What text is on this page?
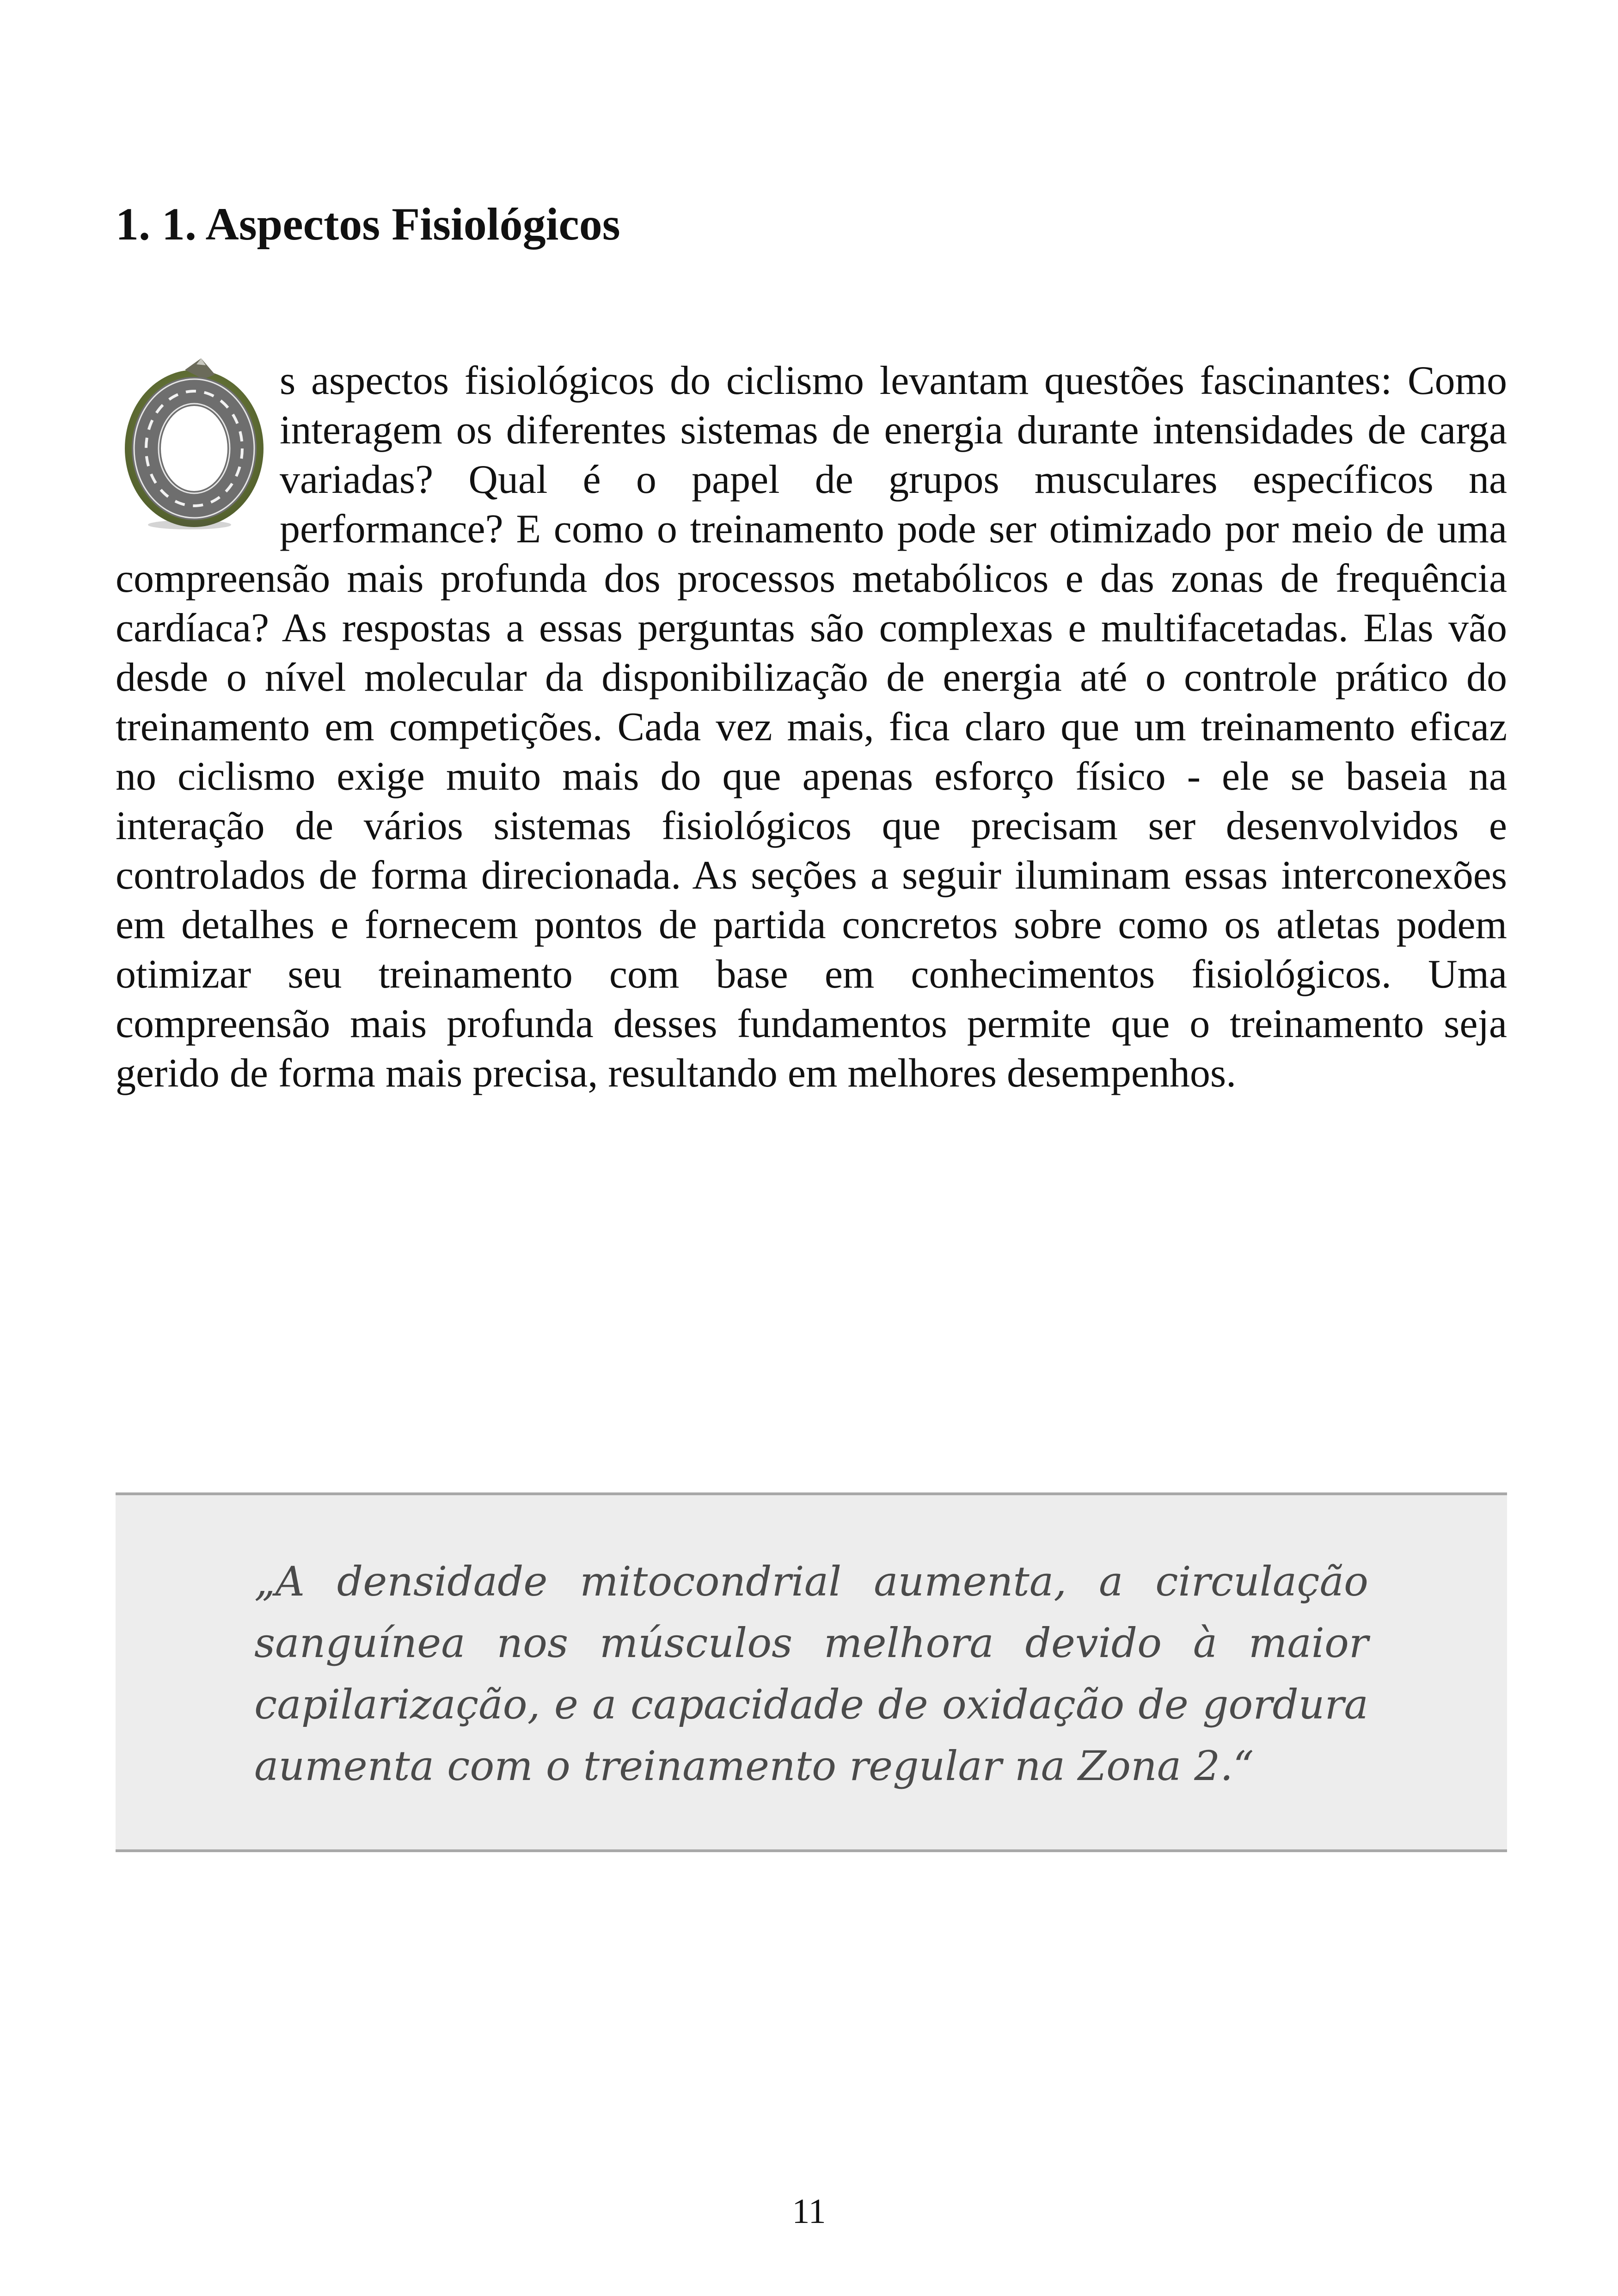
1. 1. Aspectos Fisiológicos

s aspectos fisiológicos do ciclismo levantam questões fascinantes: Como interagem os diferentes sistemas de energia durante intensidades de carga variadas? Qual é o papel de grupos musculares específicos na performance? E como o treinamento pode ser otimizado por meio de uma compreensão mais profunda dos processos metabólicos e das zonas de frequência cardíaca? As respostas a essas perguntas são complexas e multifacetadas. Elas vão desde o nível molecular da disponibilização de energia até o controle prático do treinamento em competições. Cada vez mais, fica claro que um treinamento eficaz no ciclismo exige muito mais do que apenas esforço físico - ele se baseia na interação de vários sistemas fisiológicos que precisam ser desenvolvidos e controlados de forma direcionada. As seções a seguir iluminam essas interconexões em detalhes e fornecem pontos de partida concretos sobre como os atletas podem otimizar seu treinamento com base em conhecimentos fisiológicos. Uma compreensão mais profunda desses fundamentos permite que o treinamento seja gerido de forma mais precisa, resultando em melhores desempenhos.

„A densidade mitocondrial aumenta, a circulação sanguínea nos músculos melhora devido à maior capilarização, e a capacidade de oxidação de gordura aumenta com o treinamento regular na Zona 2.“

11
